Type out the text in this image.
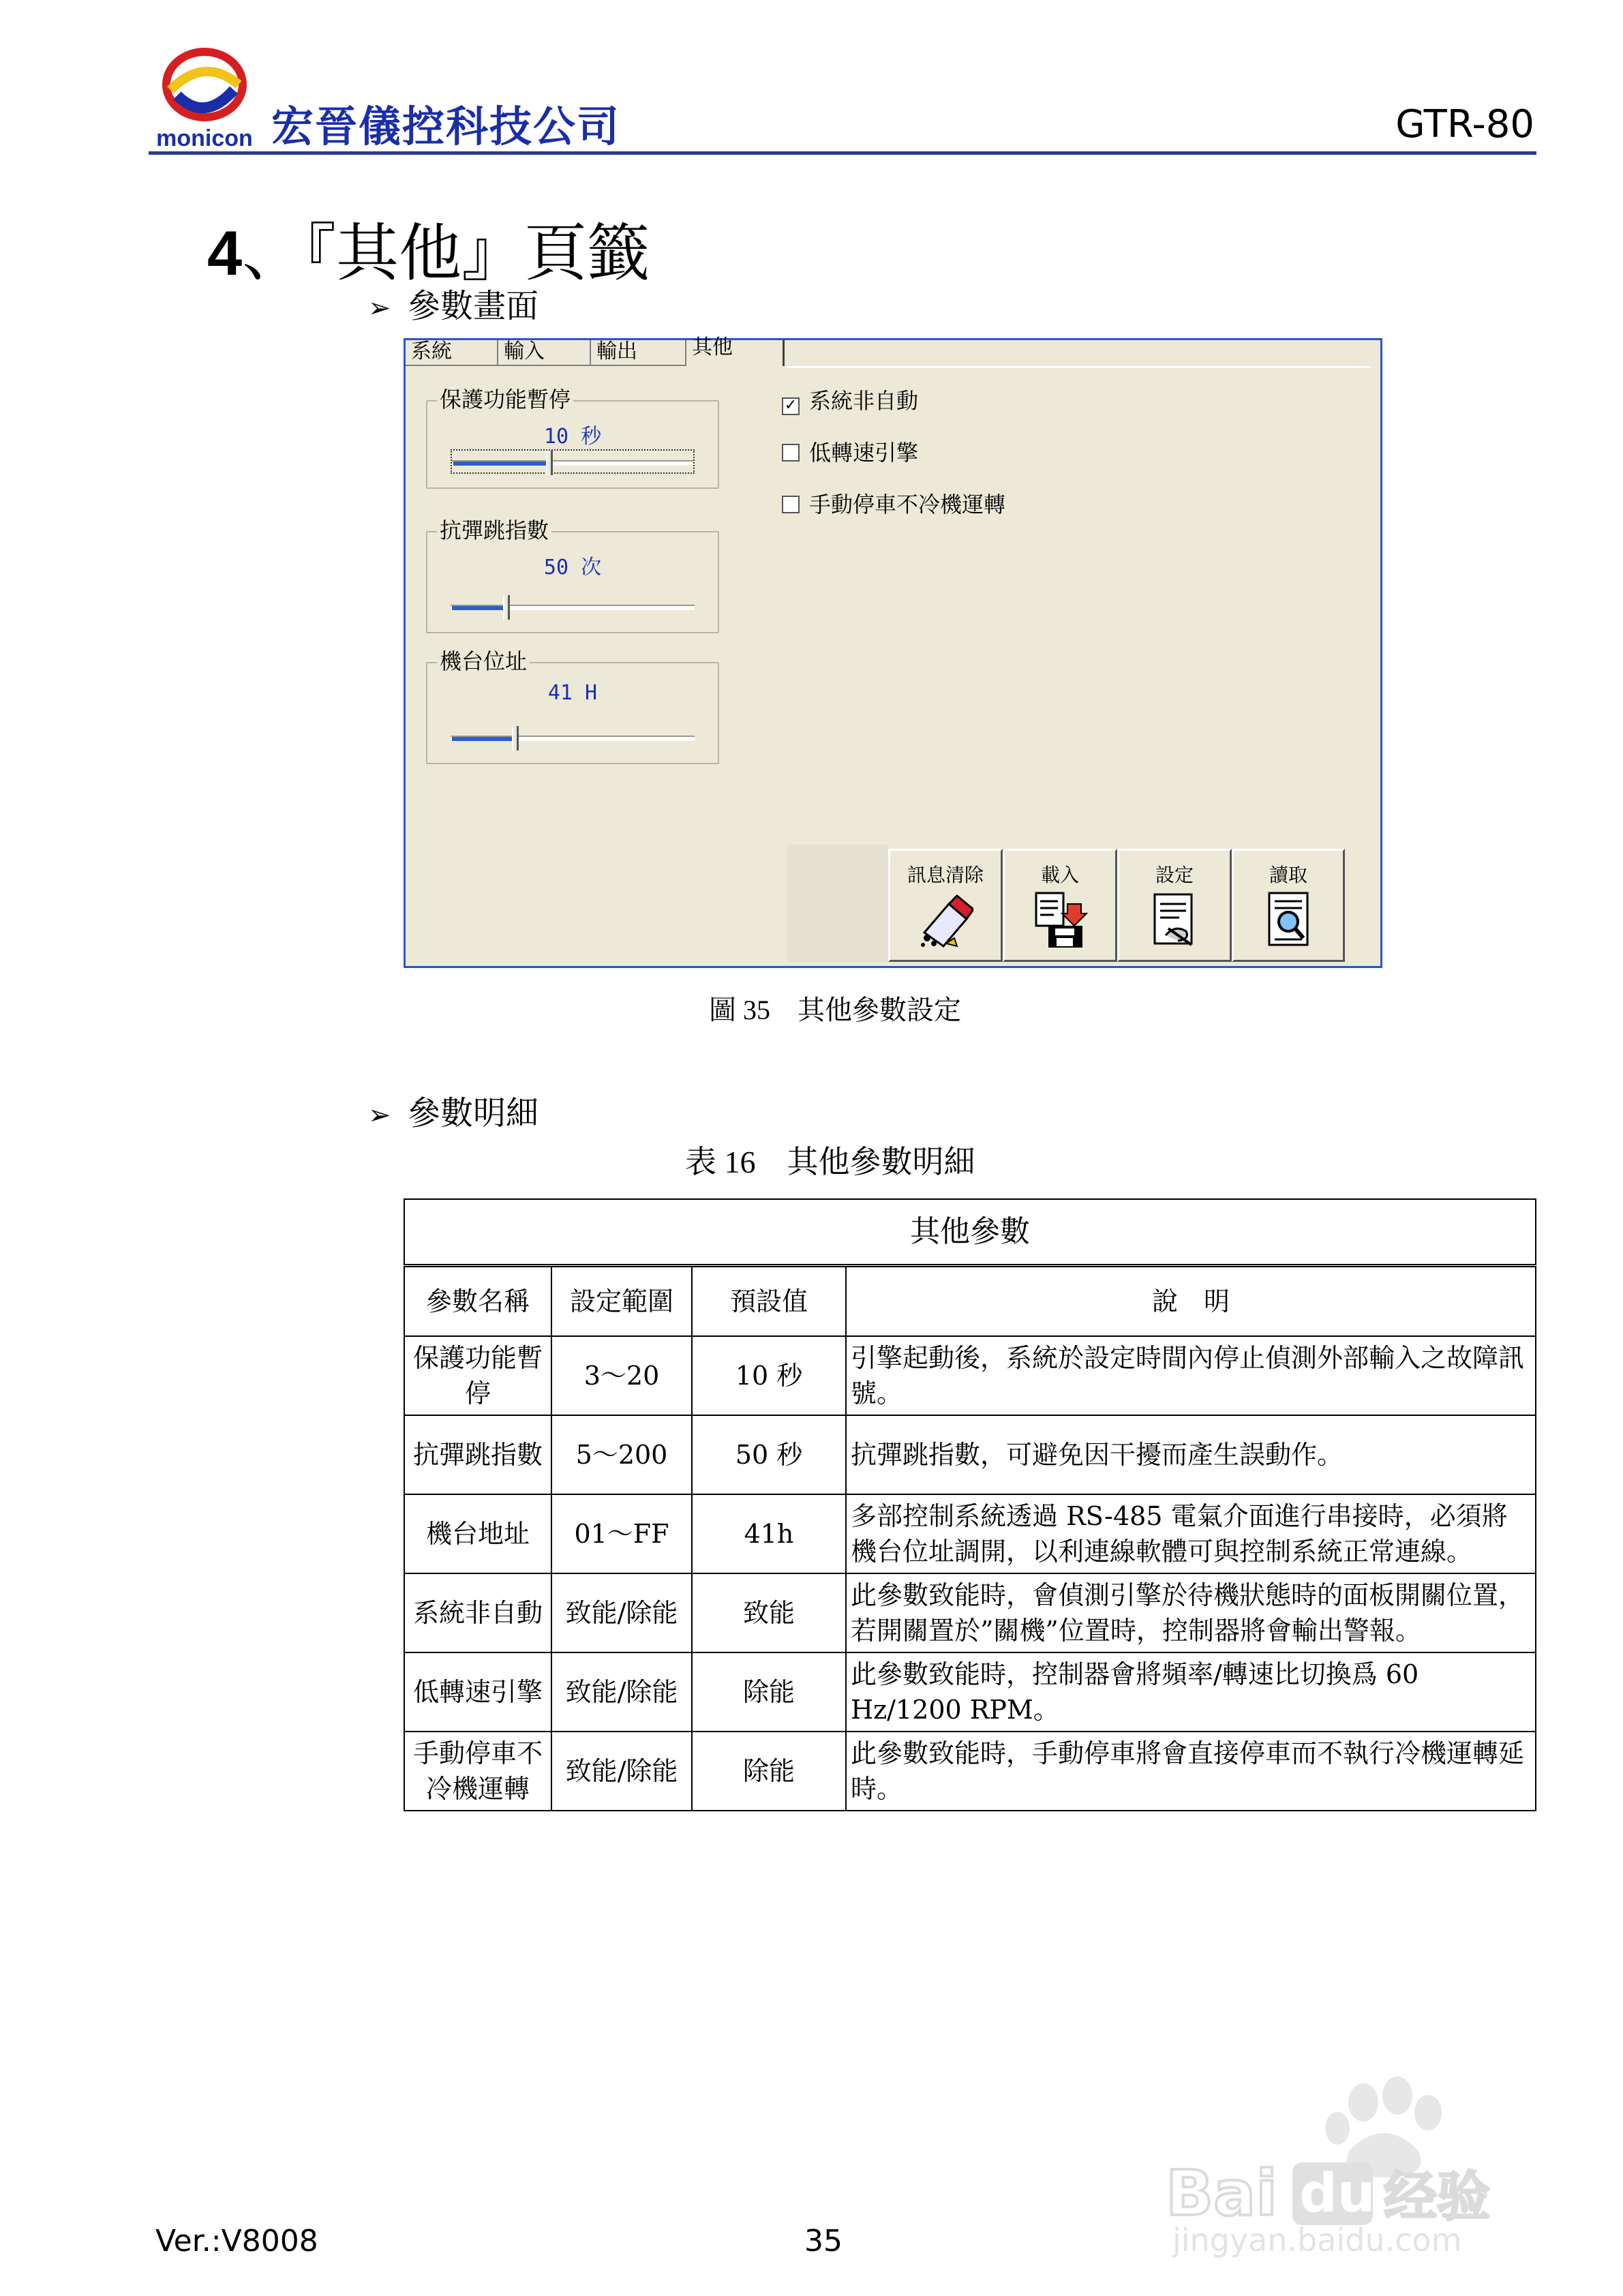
monicon 宏晉儀控科技公司	GTR-80
4、『其他』頁籤
➢ 參數畫面
系統	輸入	輸出	其他
保護功能暫停
10 秒
抗彈跳指數
50 次
機台位址
41 H
✓ 系統非自動
低轉速引擎
手動停車不冷機運轉
訊息清除	載入	設定	讀取
圖 35　其他參數設定
➢ 參數明細
表 16　其他參數明細
其他參數			
參數名稱	設定範圍	預設值	說　明
保護功能暫停	3～20	10 秒	引擎起動後，系統於設定時間內停止偵測外部輸入之故障訊號。
抗彈跳指數	5～200	50 秒	抗彈跳指數，可避免因干擾而產生誤動作。
機台地址	01～FF	41h	多部控制系統透過 RS-485 電氣介面進行串接時，必須將機台位址調開，以利連線軟體可與控制系統正常連線。
系統非自動	致能/除能	致能	此參數致能時，會偵測引擎於待機狀態時的面板開關位置，若開關置於”關機”位置時，控制器將會輸出警報。
低轉速引擎	致能/除能	除能	此參數致能時，控制器會將頻率/轉速比切換爲 60 Hz/1200 RPM。
手動停車不冷機運轉	致能/除能	除能	此參數致能時，手動停車將會直接停車而不執行冷機運轉延時。
Ver.:V8008	35
Bai du 经验
jingyan.baidu.com
